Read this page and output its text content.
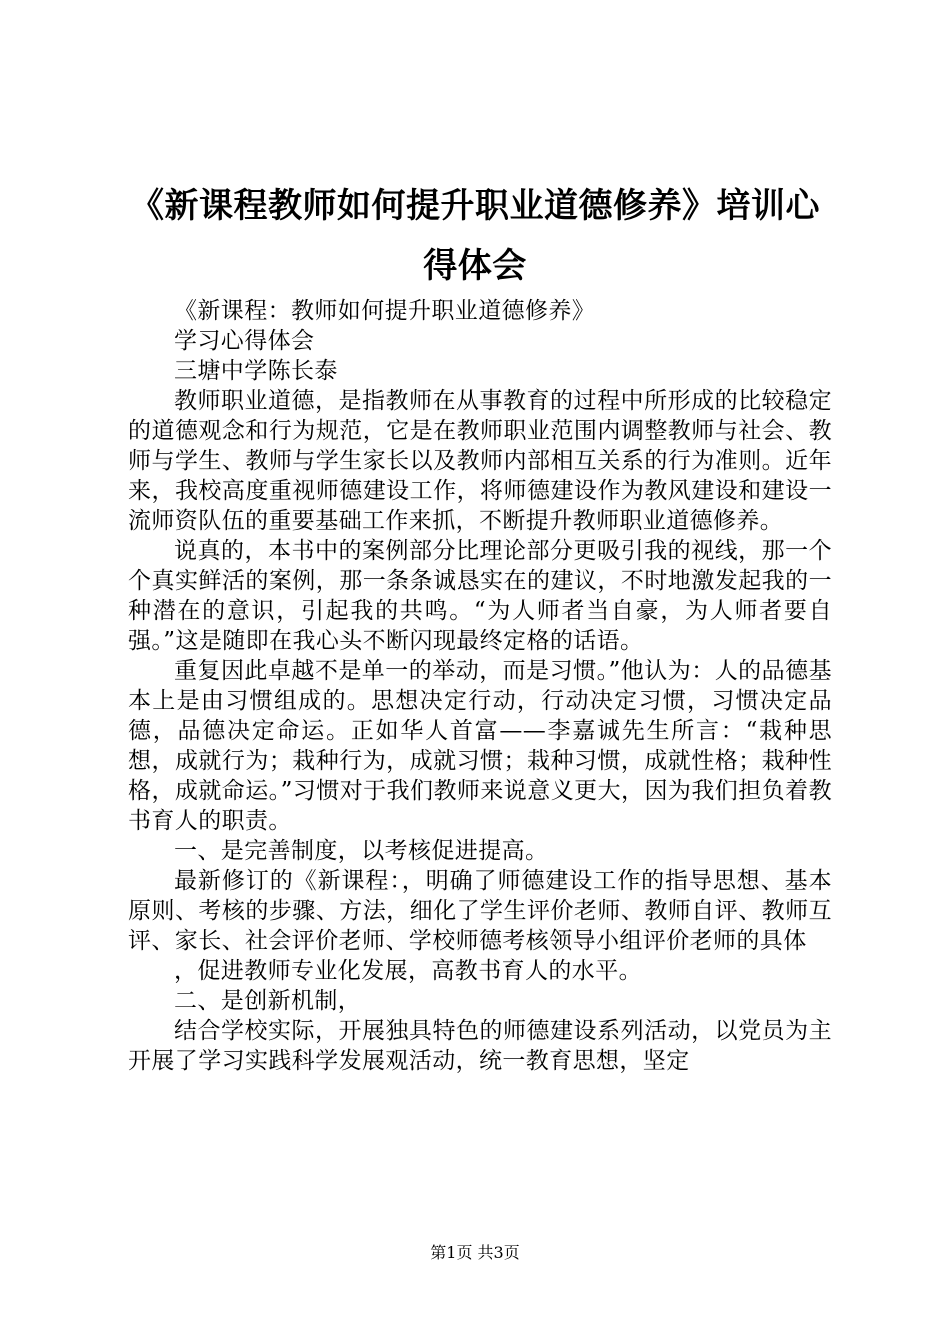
《新课程教师如何提升职业道德修养》培训心得体会

《新课程：教师如何提升职业道德修养》

学习心得体会

三塘中学陈长泰

教师职业道德，是指教师在从事教育的过程中所形成的比较稳定的道德观念和行为规范，它是在教师职业范围内调整教师与社会、教师与学生、教师与学生家长以及教师内部相互关系的行为准则。近年来，我校高度重视师德建设工作，将师德建设作为教风建设和建设一流师资队伍的重要基础工作来抓，不断提升教师职业道德修养。

说真的，本书中的案例部分比理论部分更吸引我的视线，那一个个真实鲜活的案例，那一条条诚恳实在的建议，不时地激发起我的一种潜在的意识，引起我的共鸣。“为人师者当自豪，为人师者要自强。”这是随即在我心头不断闪现最终定格的话语。

重复因此卓越不是单一的举动，而是习惯。”他认为：人的品德基本上是由习惯组成的。思想决定行动，行动决定习惯，习惯决定品德，品德决定命运。正如华人首富——李嘉诚先生所言：“栽种思想，成就行为；栽种行为，成就习惯；栽种习惯，成就性格；栽种性格，成就命运。”习惯对于我们教师来说意义更大，因为我们担负着教书育人的职责。

一、是完善制度，以考核促进提高。

最新修订的《新课程：，明确了师德建设工作的指导思想、基本原则、考核的步骤、方法，细化了学生评价老师、教师自评、教师互评、家长、社会评价老师、学校师德考核领导小组评价老师的具体

，促进教师专业化发展，高教书育人的水平。

二、是创新机制，

结合学校实际，开展独具特色的师德建设系列活动，以党员为主开展了学习实践科学发展观活动，统一教育思想，坚定

第1页 共3页
